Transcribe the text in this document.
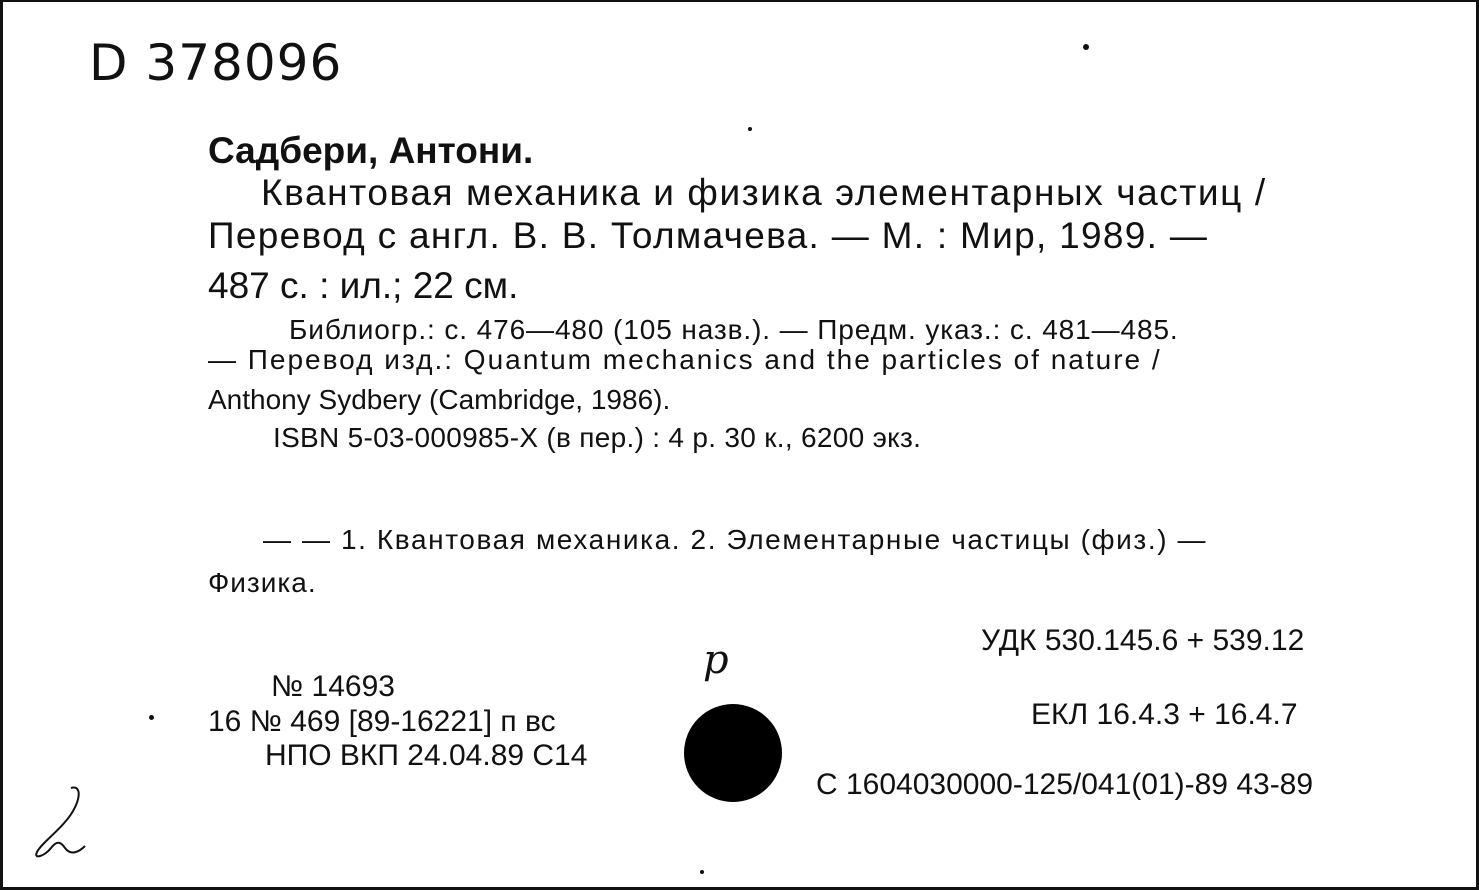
D 378096
Садбери, Антони.
Квантовая механика и физика элементарных частиц /
Перевод с англ. В. В. Толмачева. — М. : Мир, 1989. —
487 с. : ил.; 22 см.
Библиогр.: с. 476—480 (105 назв.). — Предм. указ.: с. 481—485.
— Перевод изд.: Quantum mechanics and the particles of nature /
Anthony Sydbery (Cambridge, 1986).
ISBN 5-03-000985-X (в пер.) : 4 р. 30 к., 6200 экз.
— — 1. Квантовая механика. 2. Элементарные частицы (физ.) —
Физика.
УДК 530.145.6 + 539.12
ЕКЛ 16.4.3 + 16.4.7
С 1604030000-125/041(01)-89 43-89
№ 14693
16 № 469 [89-16221] п вс
НПО ВКП 24.04.89 С14
р
